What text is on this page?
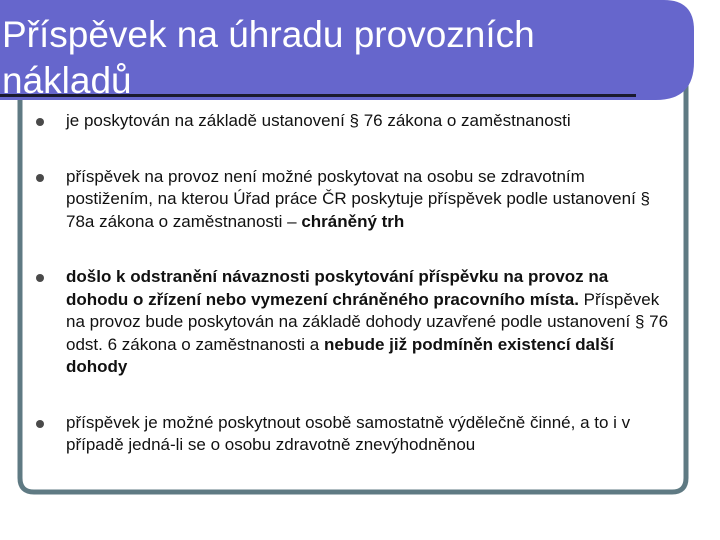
Příspěvek na úhradu provozních nákladů
je poskytován na základě ustanovení § 76 zákona o zaměstnanosti
příspěvek na provoz není možné poskytovat na osobu se zdravotním postižením, na kterou Úřad práce ČR poskytuje příspěvek podle ustanovení § 78a zákona o zaměstnanosti – chráněný trh
došlo k odstranění návaznosti poskytování příspěvku na provoz na dohodu o zřízení nebo vymezení chráněného pracovního místa. Příspěvek na provoz bude poskytován na základě dohody uzavřené podle ustanovení § 76 odst. 6 zákona o zaměstnanosti a nebude již podmíněn existencí další dohody
příspěvek je možné poskytnout osobě samostatně výdělečně činné, a to i v případě jedná-li se o osobu zdravotně znevýhodněnou
